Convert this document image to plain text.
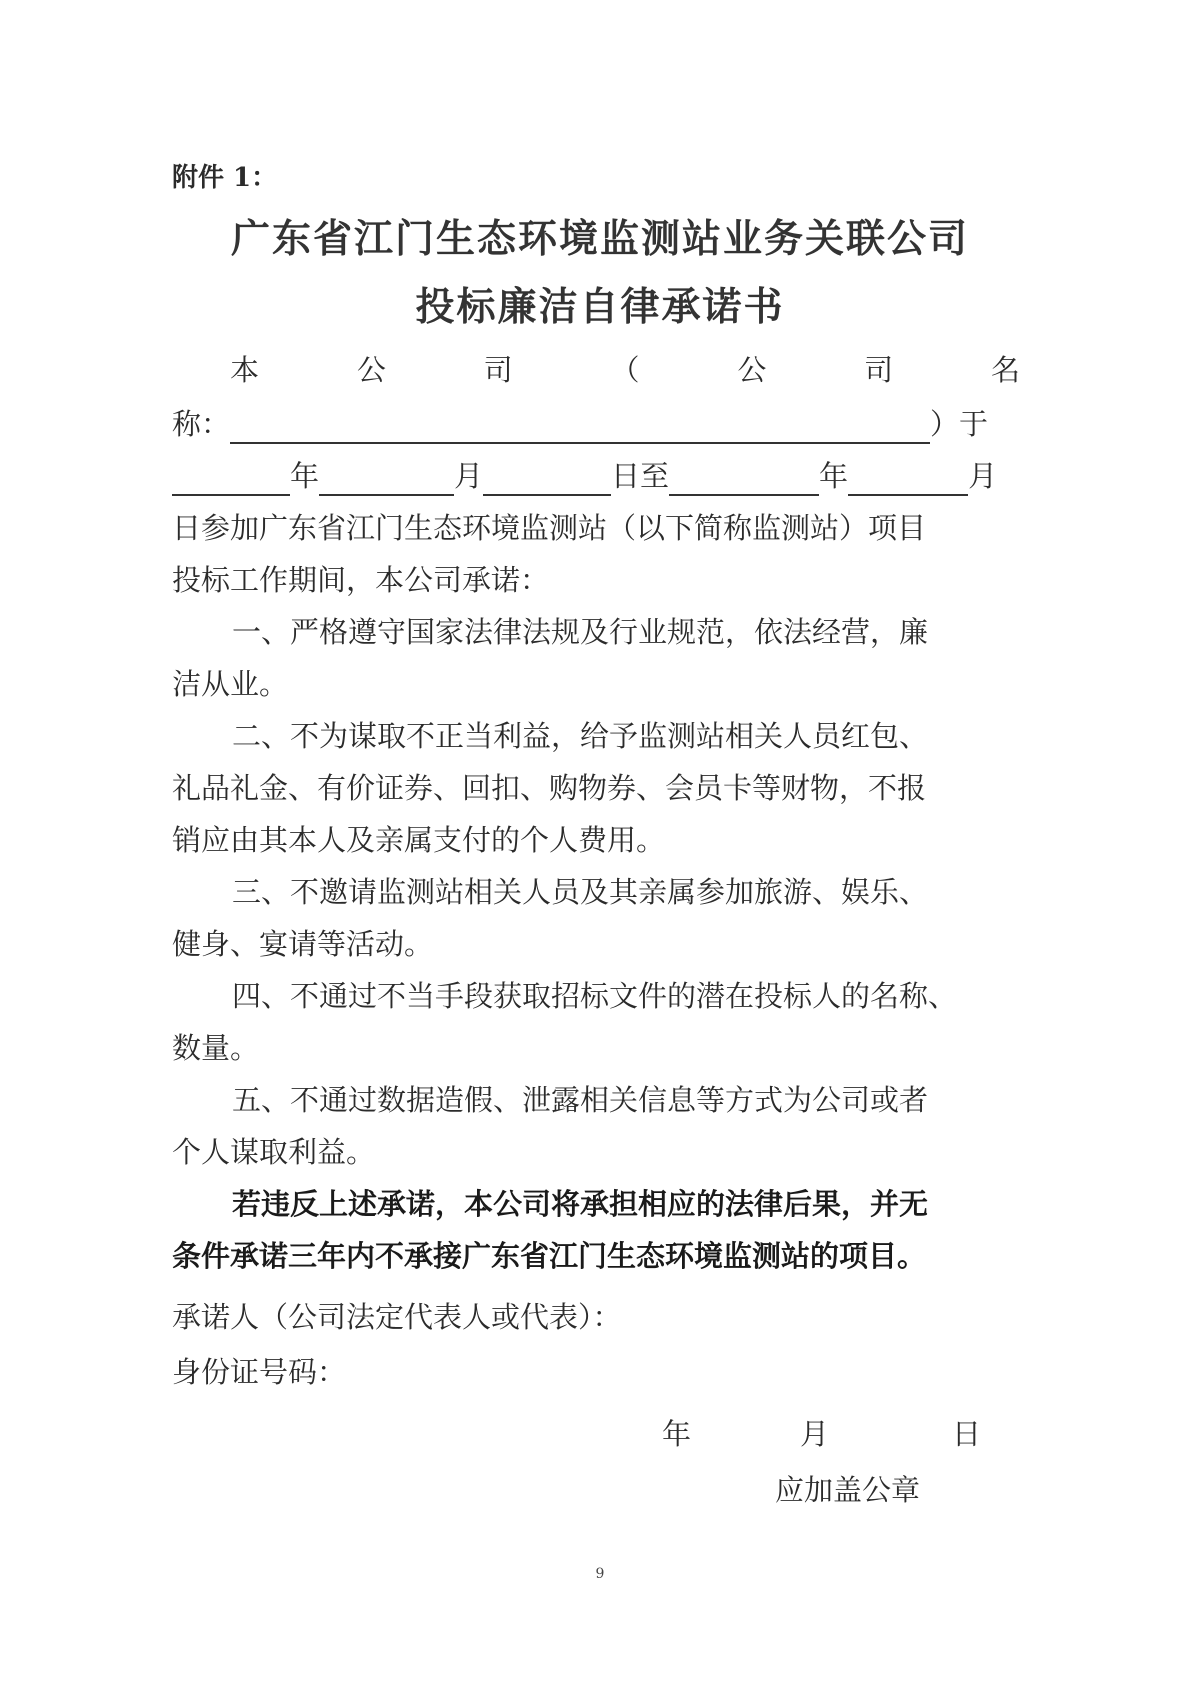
附件 1：
广东省江门生态环境监测站业务关联公司
投标廉洁自律承诺书
本	公	司	（	公	司	名
称：	）于
年	月	日至	年	月
日参加广东省江门生态环境监测站（以下简称监测站）项目
投标工作期间，本公司承诺：
一、严格遵守国家法律法规及行业规范，依法经营，廉
洁从业。
二、不为谋取不正当利益，给予监测站相关人员红包、
礼品礼金、有价证券、回扣、购物券、会员卡等财物，不报
销应由其本人及亲属支付的个人费用。
三、不邀请监测站相关人员及其亲属参加旅游、娱乐、
健身、宴请等活动。
四、不通过不当手段获取招标文件的潜在投标人的名称、
数量。
五、不通过数据造假、泄露相关信息等方式为公司或者
个人谋取利益。
若违反上述承诺，本公司将承担相应的法律后果，并无
条件承诺三年内不承接广东省江门生态环境监测站的项目。
承诺人（公司法定代表人或代表）：
身份证号码：
年	月	日
应加盖公章
9
